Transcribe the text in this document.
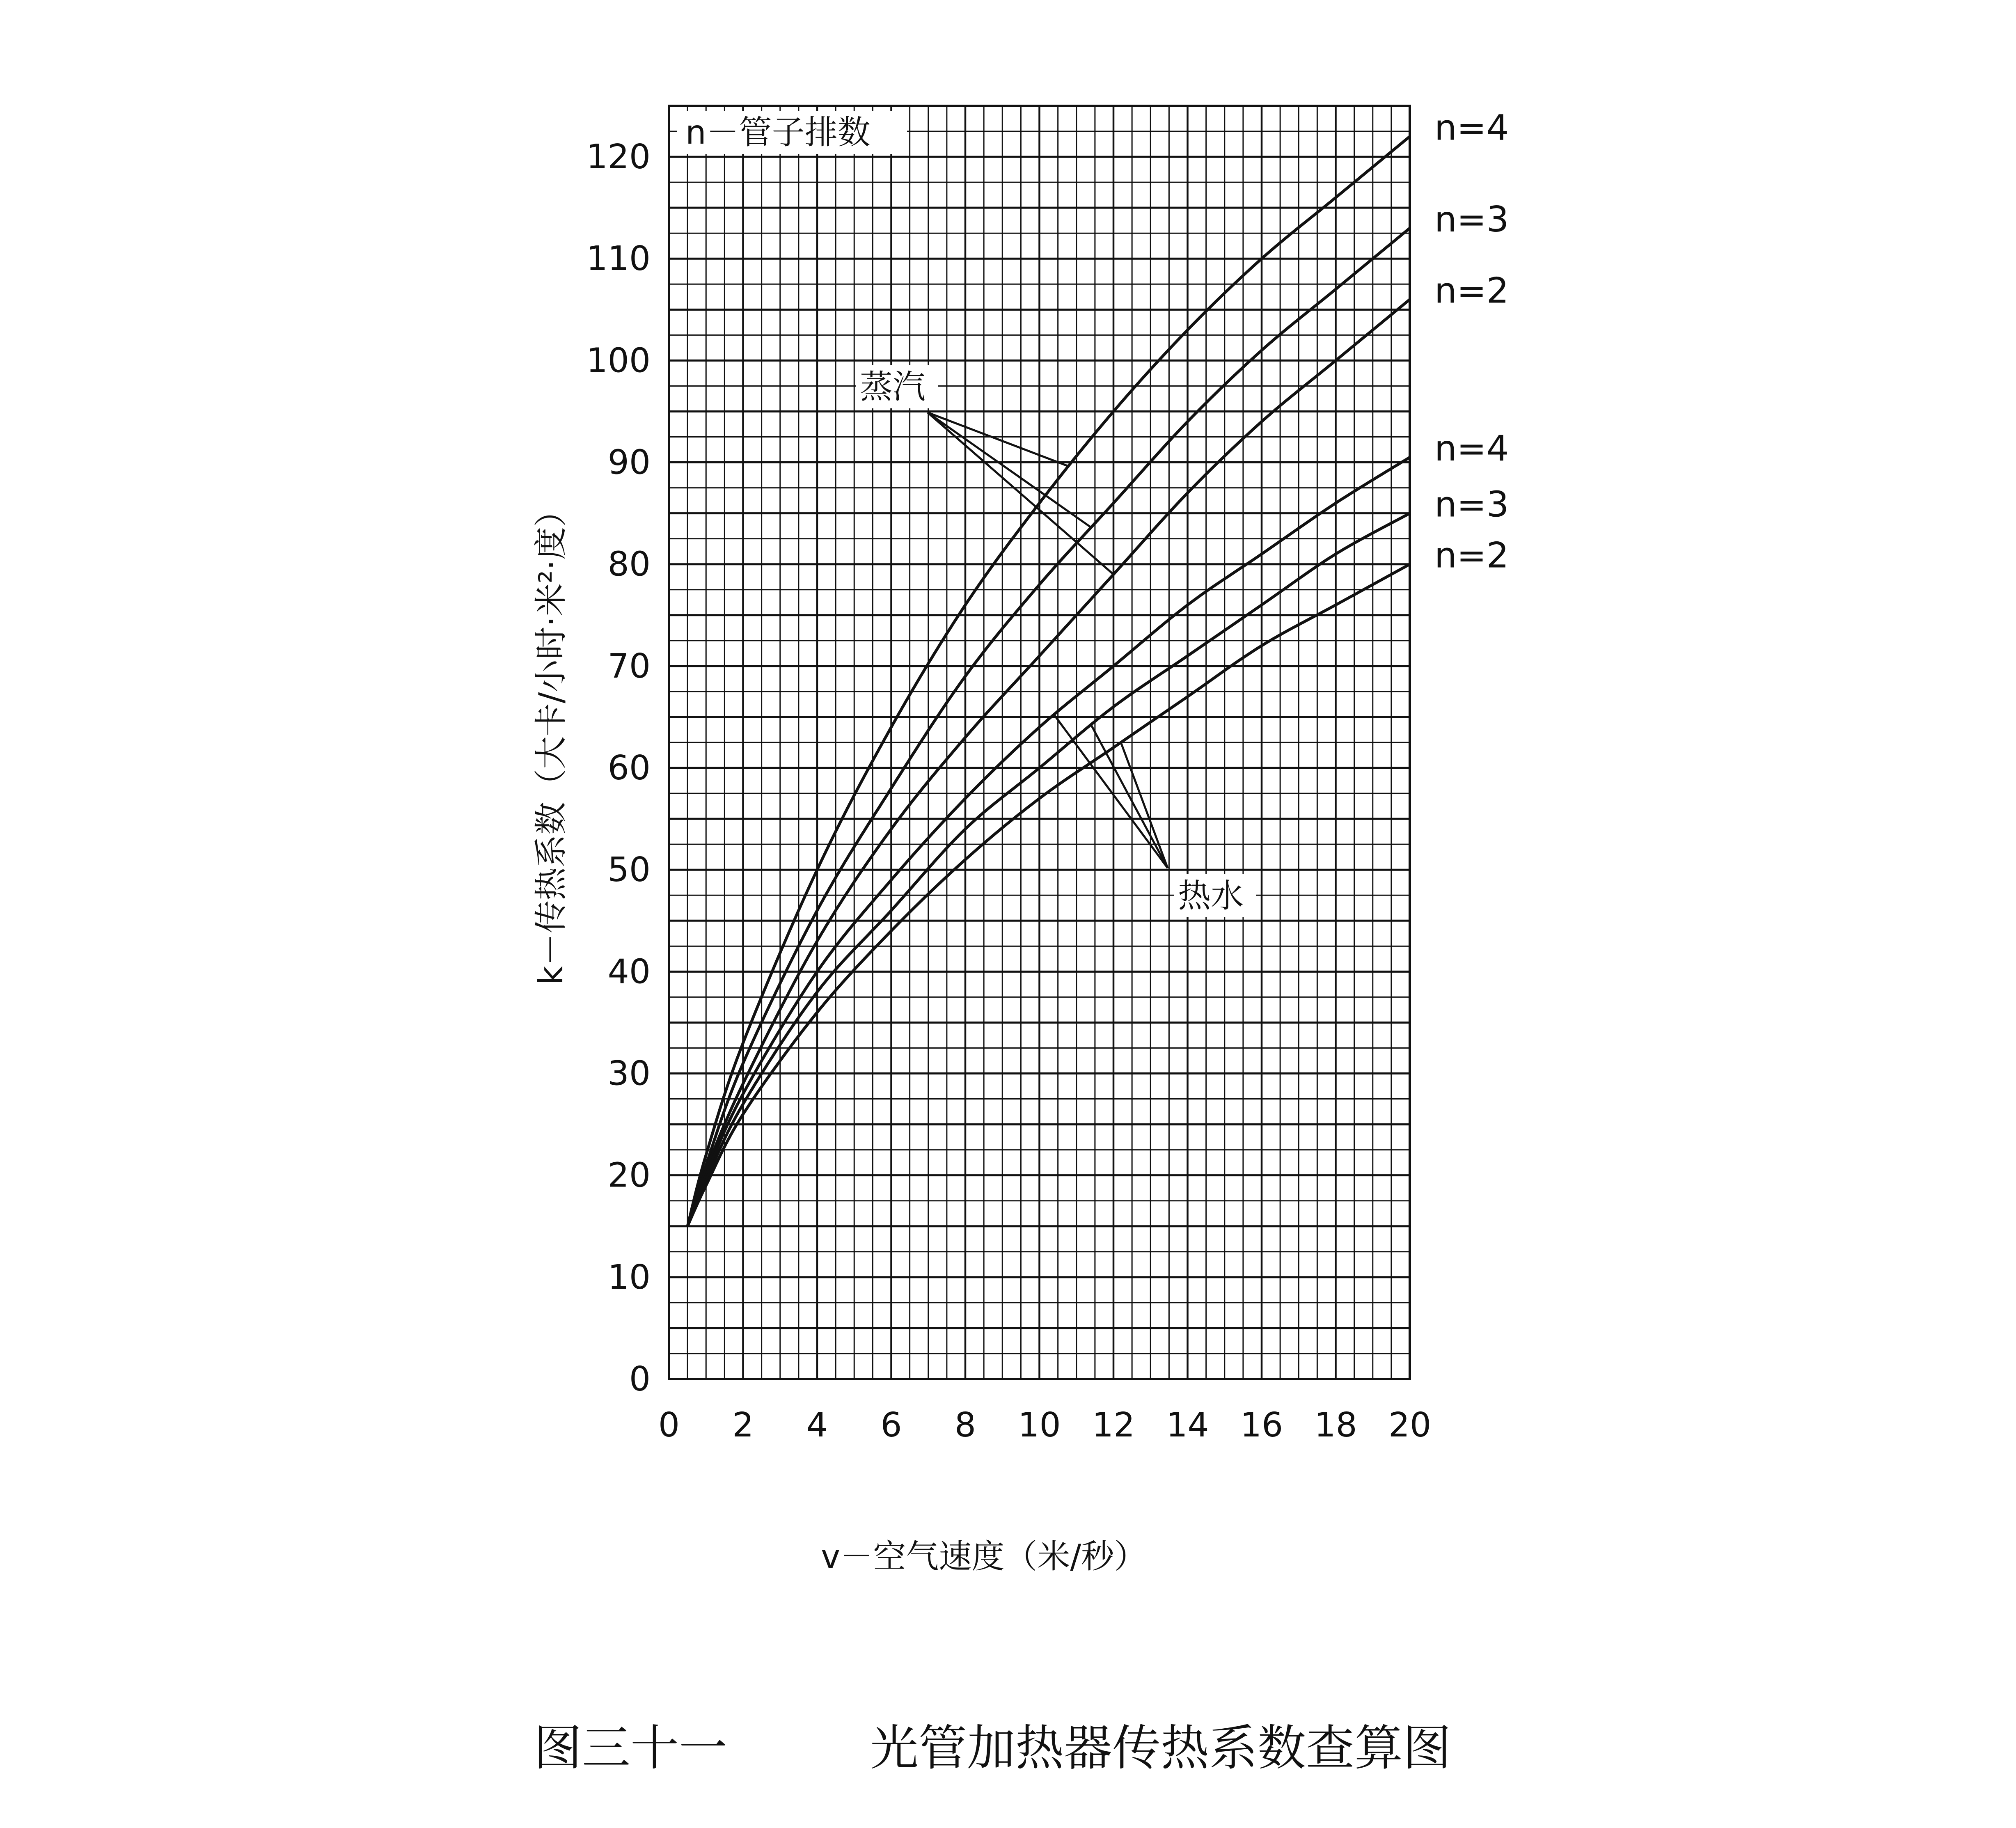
0 2 4 6 8 10 12 14 16 18 20
0
10
20
30
40
50
60
70
80
90
100
110
120
n=4
n=3
n=2
n=4
n=3
n=2
n－管子排数
蒸汽
热水
v－空气速度（米/秒）
k－传热系数（大卡/小时·米²·度）
图三十一	光管加热器传热系数查算图
